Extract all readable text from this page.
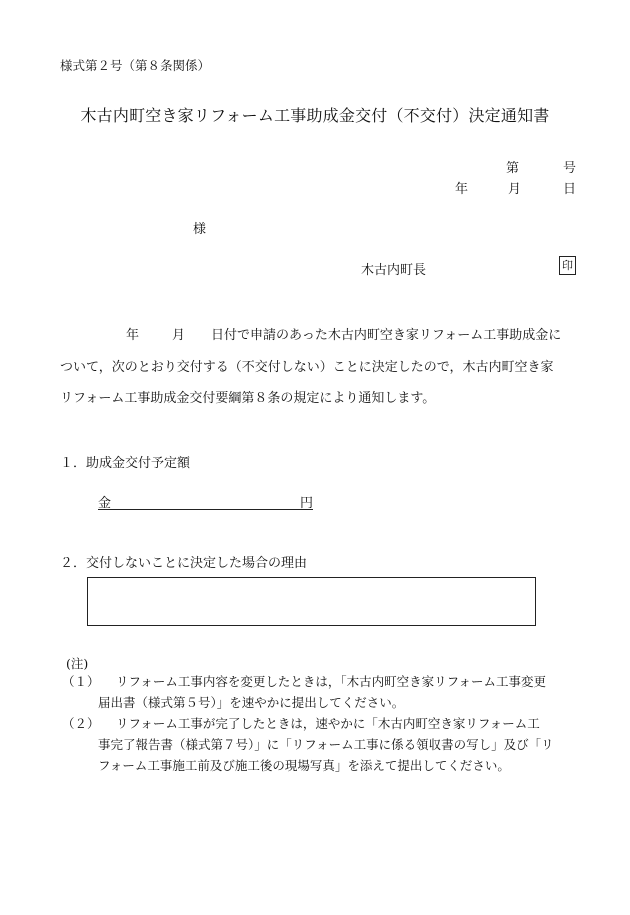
様式第２号（第８条関係）
木古内町空き家リフォーム工事助成金交付（不交付）決定通知書
第	号
年	月	日
様
木古内町長	印
年	月 日付で申請のあった木古内町空き家リフォーム工事助成金に
ついて，次のとおり交付する（不交付しない）ことに決定したので，木古内町空き家
リフォーム工事助成金交付要綱第８条の規定により通知します。
１．助成金交付予定額
金	円
２．交付しないことに決定した場合の理由
(注)
（１） リフォーム工事内容を変更したときは，「木古内町空き家リフォーム工事変更
届出書（様式第５号）」を速やかに提出してください。
（２） リフォーム工事が完了したときは，速やかに「木古内町空き家リフォーム工
事完了報告書（様式第７号）」に「リフォーム工事に係る領収書の写し」及び「リ
フォーム工事施工前及び施工後の現場写真」を添えて提出してください。
